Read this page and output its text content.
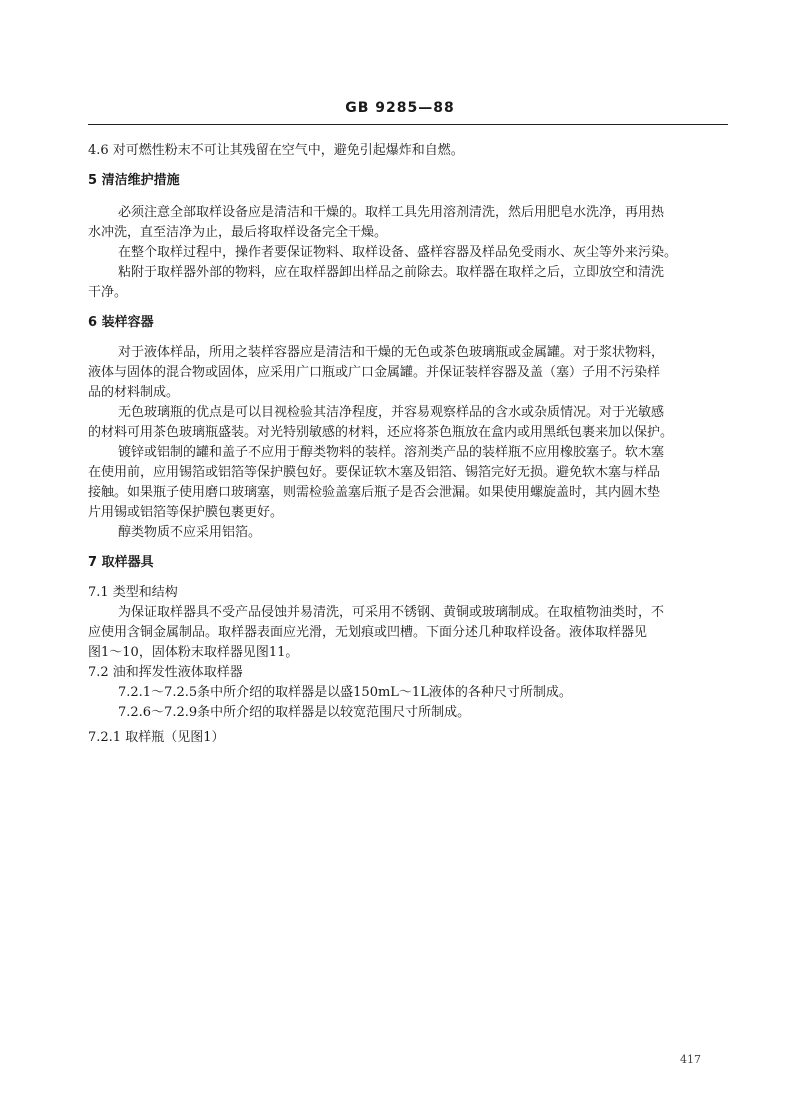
GB 9285—88
4.6 对可燃性粉末不可让其残留在空气中，避免引起爆炸和自燃。
5 清洁维护措施
必须注意全部取样设备应是清洁和干燥的。取样工具先用溶剂清洗，然后用肥皂水洗净，再用热
水冲洗，直至洁净为止，最后将取样设备完全干燥。
在整个取样过程中，操作者要保证物料、取样设备、盛样容器及样品免受雨水、灰尘等外来污染。
粘附于取样器外部的物料，应在取样器卸出样品之前除去。取样器在取样之后，立即放空和清洗
干净。
6 装样容器
对于液体样品，所用之装样容器应是清洁和干燥的无色或茶色玻璃瓶或金属罐。对于浆状物料，
液体与固体的混合物或固体，应采用广口瓶或广口金属罐。并保证装样容器及盖（塞）子用不污染样
品的材料制成。
无色玻璃瓶的优点是可以目视检验其洁净程度，并容易观察样品的含水或杂质情况。对于光敏感
的材料可用茶色玻璃瓶盛装。对光特别敏感的材料，还应将茶色瓶放在盒内或用黑纸包裹来加以保护。
镀锌或铝制的罐和盖子不应用于醇类物料的装样。溶剂类产品的装样瓶不应用橡胶塞子。软木塞
在使用前，应用锡箔或铝箔等保护膜包好。要保证软木塞及铝箔、锡箔完好无损。避免软木塞与样品
接触。如果瓶子使用磨口玻璃塞，则需检验盖塞后瓶子是否会泄漏。如果使用螺旋盖时，其内圆木垫
片用锡或铝箔等保护膜包裹更好。
醇类物质不应采用铝箔。
7 取样器具
7.1 类型和结构
为保证取样器具不受产品侵蚀并易清洗，可采用不锈钢、黄铜或玻璃制成。在取植物油类时，不
应使用含铜金属制品。取样器表面应光滑，无划痕或凹槽。下面分述几种取样设备。液体取样器见
图1～10，固体粉末取样器见图11。
7.2 油和挥发性液体取样器
7.2.1～7.2.5条中所介绍的取样器是以盛150mL～1L液体的各种尺寸所制成。
7.2.6～7.2.9条中所介绍的取样器是以较宽范围尺寸所制成。
7.2.1 取样瓶（见图1）
417
